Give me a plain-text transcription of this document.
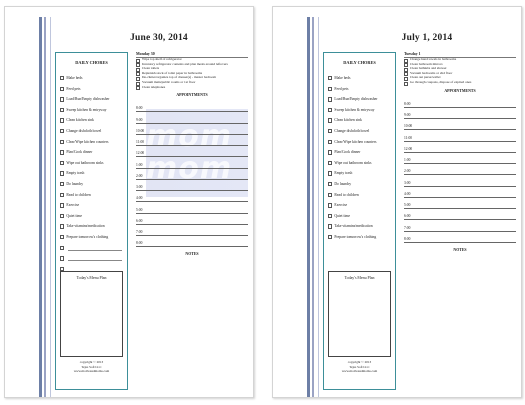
June 30, 2014
DAILY CHORES
Make beds
Feed pets
Load/Run/Empty dishwasher
Sweep kitchen & entryway
Clean kitchen sink
Change dishcloth/towel
Clear/Wipe kitchen counters
Plan/Cook dinner
Wipe out bathroom sinks
Empty trash
Do laundry
Read to children
Exercise
Quiet time
Take vitamins/medication
Prepare tomorrow's clothing
Today's Menu Plan
copyright © 2013
Tejas Soft LLC
www.motivatedmoms.com
Monday 30
Wipe top shelf of refrigerator
Inventory refrigerator contents and plan meals around leftovers
Clean toilets
Replenish stock of toilet paper in bathrooms
De-clutter/organize top of dresser(s) - master bedroom
Vacuum main/public rooms or 1st floor
Clean telephones
APPOINTMENTS
mom
mom
8:00
9:00
10:00
11:00
12:00
1:00
2:00
3:00
4:00
5:00
6:00
7:00
8:00
NOTES
July 1, 2014
DAILY CHORES
Make beds
Feed pets
Load/Run/Empty dishwasher
Sweep kitchen & entryway
Clean kitchen sink
Change dishcloth/towel
Clear/Wipe kitchen counters
Plan/Cook dinner
Wipe out bathroom sinks
Empty trash
Do laundry
Read to children
Exercise
Quiet time
Take vitamins/medication
Prepare tomorrow's clothing
Today's Menu Plan
copyright © 2013
Tejas Soft LLC
www.motivatedmoms.com
Tuesday 1
Change hand towels in bathrooms
Clean bathroom mirrors
Clean bathtubs and shower
Vacuum bedrooms or 2nd floor
Clean out purse/wallet
Go through coupons, dispose of expired ones
APPOINTMENTS
8:00
9:00
10:00
11:00
12:00
1:00
2:00
3:00
4:00
5:00
6:00
7:00
8:00
NOTES
